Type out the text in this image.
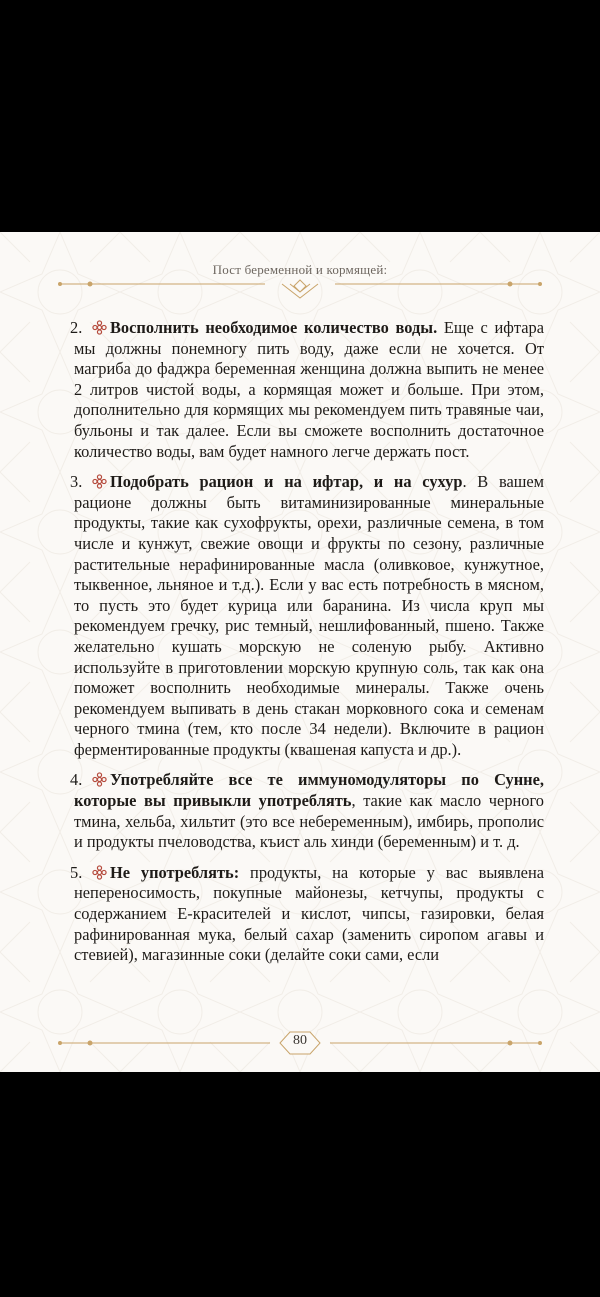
Пост беременной и кормящей:
2.	Восполнить необходимое количество воды. Еще с ифтара мы должны понемногу пить воду, даже если не хочется. От магриба до фаджра беременная женщина должна выпить не менее 2 литров чистой воды, а кормящая может и больше. При этом, дополнительно для кормящих мы рекомендуем пить травяные чаи, бульоны и так далее. Если вы сможете восполнить достаточное количество воды, вам будет намного легче держать пост.
3.	Подобрать рацион и на ифтар, и на сухур. В вашем рационе должны быть витаминизированные минеральные продукты, такие как сухофрукты, орехи, различные семена, в том числе и кунжут, свежие овощи и фрукты по сезону, различные растительные нерафинированные масла (оливковое, кунжутное, тыквенное, льняное и т.д.). Если у вас есть потребность в мясном, то пусть это будет курица или баранина. Из числа круп мы рекомендуем гречку, рис темный, нешлифованный, пшено. Также желательно кушать морскую не соленую рыбу. Активно используйте в приготовлении морскую крупную соль, так как она поможет восполнить необходимые минералы. Также очень рекомендуем выпивать в день стакан морковного сока и семенам черного тмина (тем, кто после 34 недели). Включите в рацион ферментированные продукты (квашеная капуста и др.).
4.	Употребляйте все те иммуномодуляторы по Сунне, которые вы привыкли употреблять, такие как масло черного тмина, хельба, хильтит (это все небеременным), имбирь, прополис и продукты пчеловодства, къист аль хинди (беременным) и т. д.
5.	Не употреблять: продукты, на которые у вас выявлена непереносимость, покупные майонезы, кетчупы, продукты с содержанием Е-красителей и кислот, чипсы, газировки, белая рафинированная мука, белый сахар (заменить сиропом агавы и стевией), магазинные соки (делайте соки сами, если
80
